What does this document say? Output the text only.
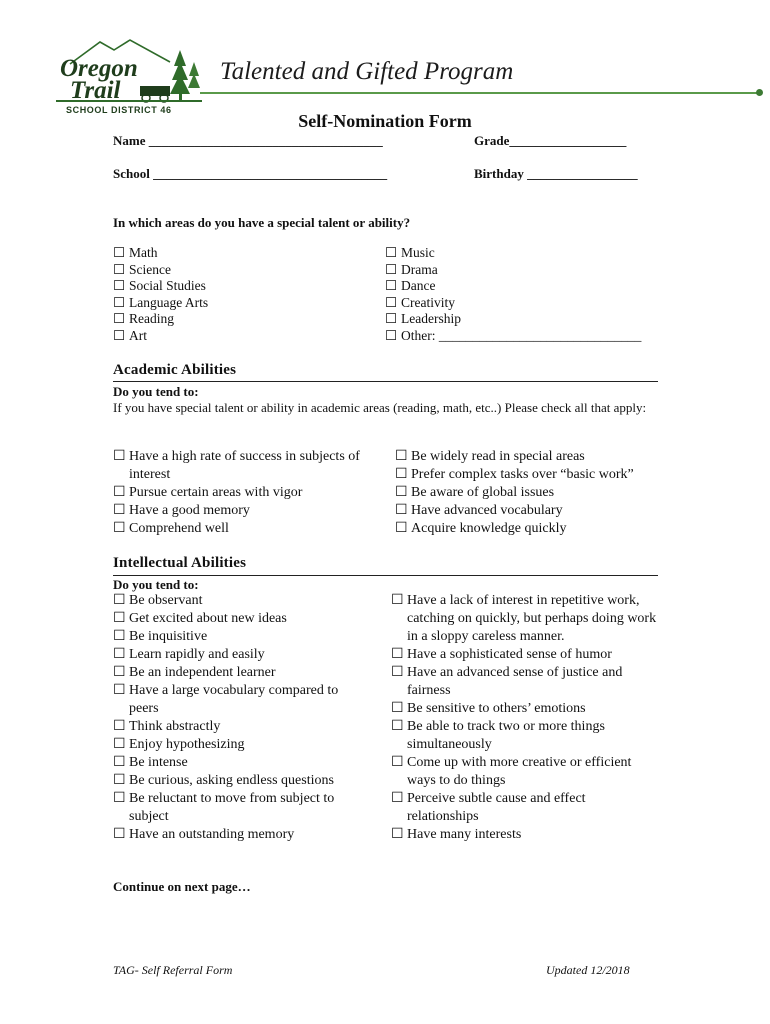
Oregon
Trail
SCHOOL DISTRICT 46
Talented and Gifted Program
Self-Nomination Form
Name ____________________________________	Grade__________________
School ____________________________________	Birthday _________________
In which areas do you have a special talent or ability?
☐ Math
☐ Science
☐ Social Studies
☐ Language Arts
☐ Reading
☐ Art
☐ Music
☐ Drama
☐ Dance
☐ Creativity
☐ Leadership
☐ Other: ______________________________
Academic Abilities
Do you tend to:
If you have special talent or ability in academic areas (reading, math, etc..) Please check all that apply:
☐ Have a high rate of success in subjects of interest
☐ Pursue certain areas with vigor
☐ Have a good memory
☐ Comprehend well
☐ Be widely read in special areas
☐ Prefer complex tasks over “basic work”
☐ Be aware of global issues
☐ Have advanced vocabulary
☐ Acquire knowledge quickly
Intellectual Abilities
Do you tend to:
☐ Be observant
☐ Get excited about new ideas
☐ Be inquisitive
☐ Learn rapidly and easily
☐ Be an independent learner
☐ Have a large vocabulary compared to peers
☐ Think abstractly
☐ Enjoy hypothesizing
☐ Be intense
☐ Be curious, asking endless questions
☐ Be reluctant to move from subject to subject
☐ Have an outstanding memory
☐ Have a lack of interest in repetitive work, catching on quickly, but perhaps doing work in a sloppy careless manner.
☐ Have a sophisticated sense of humor
☐ Have an advanced sense of justice and fairness
☐ Be sensitive to others’ emotions
☐ Be able to track two or more things simultaneously
☐ Come up with more creative or efficient ways to do things
☐ Perceive subtle cause and effect relationships
☐ Have many interests
Continue on next page…
TAG- Self Referral Form	Updated 12/2018
